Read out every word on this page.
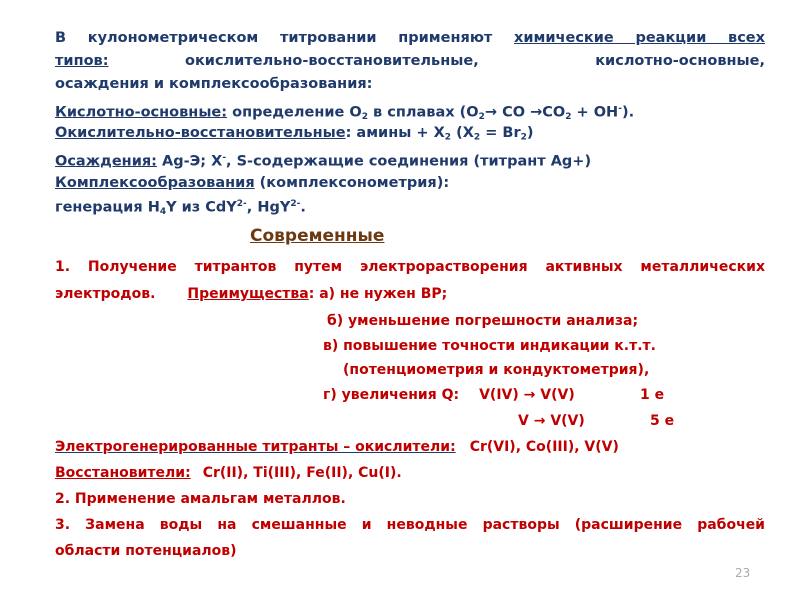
В кулонометрическом титровании применяют химические реакции всех
типов:	окислительно-восстановительные,	кислотно-основные,
осаждения и комплексообразования:
Кислотно-основные: определение $О_2$ в сплавах ($О_2\to$ СО $\to СО_2 + ОН^-$).
Окислительно-восстановительные: амины + $Х_2$ $(Х_2 = Br_2)$
Осаждения: Ag-Э; Х-, S-содержащие соединения (титрант Ag+)
Комплексообразования (комплексонометрия):
генерация $Н_4Y$ из CdY$^{2-}$, HgY$^{2-}$.
Современные
1. Получение титрантов путем электрорастворения активных металлических
электродов. Преимущества: а) не нужен ВР;
б) уменьшение погрешности анализа;
в) повышение точности индикации к.т.т.
(потенциометрия и кондуктометрия),
г) увеличения Q: V(IV) → V(V)	1 е
V → V(V)	5 е
Электрогенерированные титранты – окислители: Cr(VI), Co(III), V(V)
Восстановители: Cr(II), Ti(III), Fe(II), Cu(I).
2. Применение амальгам металлов.
3. Замена воды на смешанные и неводные растворы (расширение рабочей
области потенциалов)
23
